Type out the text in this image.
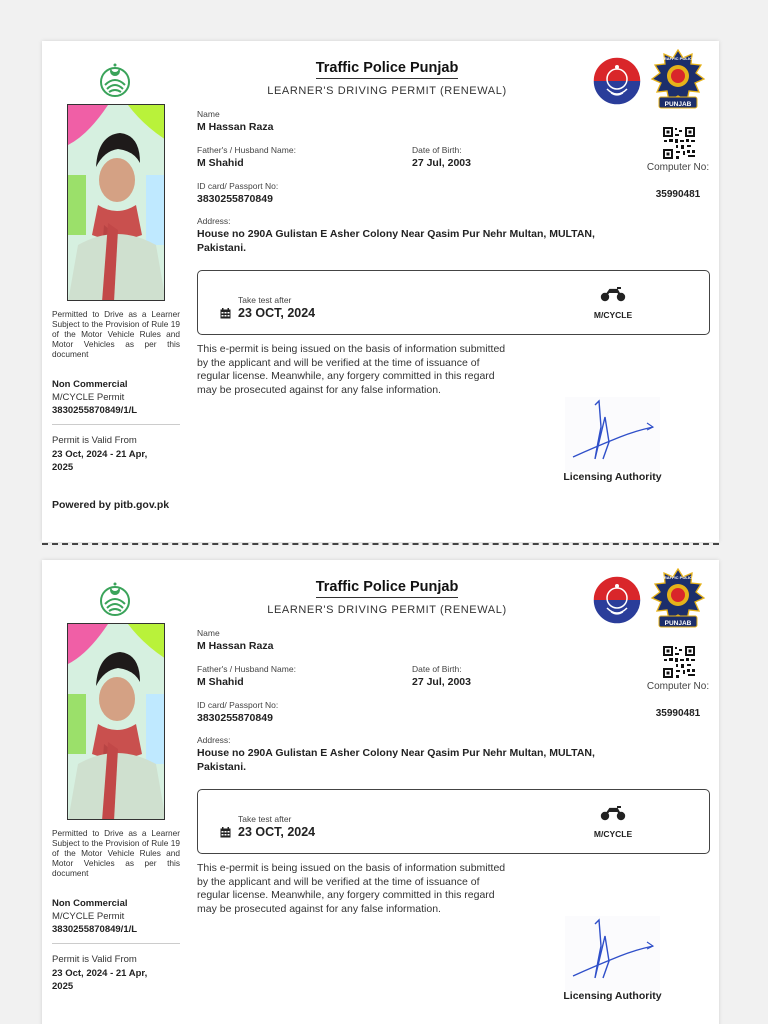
Traffic Police Punjab
LEARNER'S DRIVING PERMIT (RENEWAL)
PUNJAB
TRAFFIC POLICE
Name
M Hassan Raza
Father's / Husband Name:
M Shahid
Date of Birth:
27 Jul, 2003
ID card/ Passport No:
3830255870849
Address:
House no 290A Gulistan E Asher Colony Near Qasim Pur Nehr Multan, MULTAN, Pakistani.
Computer No:
35990481
Take test after
23 OCT, 2024	M/CYCLE
This e-permit is being issued on the basis of information submitted by the applicant and will be verified at the time of issuance of regular license. Meanwhile, any forgery committed in this regard may be prosecuted against for any false information.
Licensing Authority
Permitted to Drive as a Learner Subject to the Provision of Rule 19 of the Motor Vehicle Rules and Motor Vehicles as per this document
Non Commercial
M/CYCLE Permit
3830255870849/1/L
Permit is Valid From
23 Oct, 2024 - 21 Apr, 2025
Powered by pitb.gov.pk
Traffic Police Punjab
LEARNER'S DRIVING PERMIT (RENEWAL)
PUNJAB
TRAFFIC POLICE
Name
M Hassan Raza
Father's / Husband Name:
M Shahid
Date of Birth:
27 Jul, 2003
ID card/ Passport No:
3830255870849
Address:
House no 290A Gulistan E Asher Colony Near Qasim Pur Nehr Multan, MULTAN, Pakistani.
Computer No:
35990481
Take test after
23 OCT, 2024	M/CYCLE
This e-permit is being issued on the basis of information submitted by the applicant and will be verified at the time of issuance of regular license. Meanwhile, any forgery committed in this regard may be prosecuted against for any false information.
Licensing Authority
Permitted to Drive as a Learner Subject to the Provision of Rule 19 of the Motor Vehicle Rules and Motor Vehicles as per this document
Non Commercial
M/CYCLE Permit
3830255870849/1/L
Permit is Valid From
23 Oct, 2024 - 21 Apr, 2025
